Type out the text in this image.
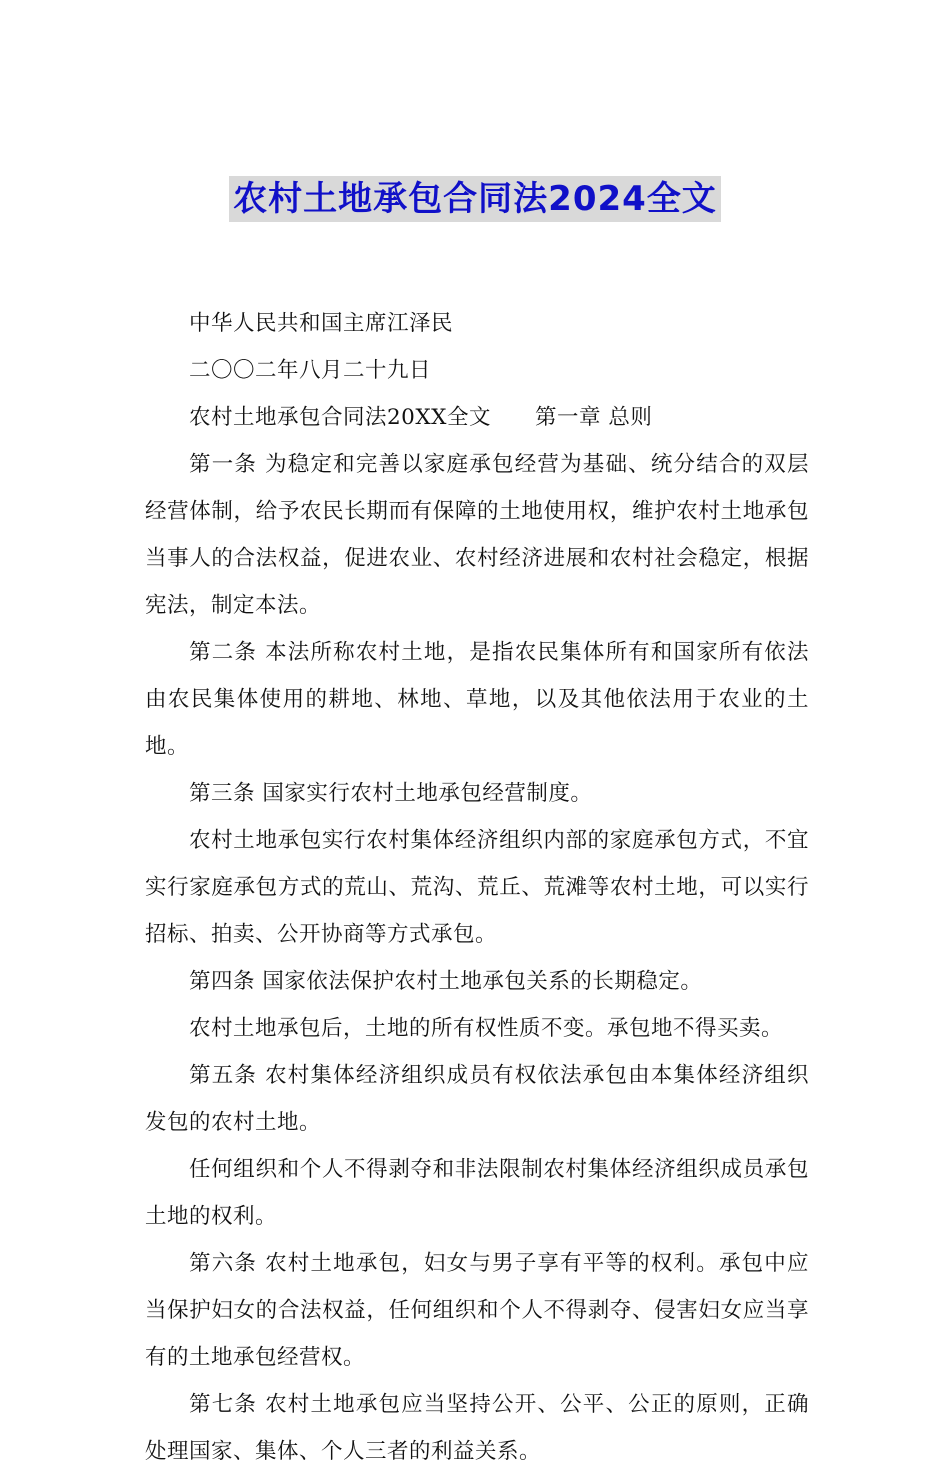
农村土地承包合同法2024全文

中华人民共和国主席江泽民

二〇〇二年八月二十九日

农村土地承包合同法20XX全文 第一章 总则

第一条 为稳定和完善以家庭承包经营为基础、统分结合的双层经营体制，给予农民长期而有保障的土地使用权，维护农村土地承包当事人的合法权益，促进农业、农村经济进展和农村社会稳定，根据宪法，制定本法。

第二条 本法所称农村土地，是指农民集体所有和国家所有依法由农民集体使用的耕地、林地、草地，以及其他依法用于农业的土地。

第三条 国家实行农村土地承包经营制度。

农村土地承包实行农村集体经济组织内部的家庭承包方式，不宜实行家庭承包方式的荒山、荒沟、荒丘、荒滩等农村土地，可以实行招标、拍卖、公开协商等方式承包。

第四条 国家依法保护农村土地承包关系的长期稳定。

农村土地承包后，土地的所有权性质不变。承包地不得买卖。

第五条 农村集体经济组织成员有权依法承包由本集体经济组织发包的农村土地。

任何组织和个人不得剥夺和非法限制农村集体经济组织成员承包土地的权利。

第六条 农村土地承包，妇女与男子享有平等的权利。承包中应当保护妇女的合法权益，任何组织和个人不得剥夺、侵害妇女应当享有的土地承包经营权。

第七条 农村土地承包应当坚持公开、公平、公正的原则，正确处理国家、集体、个人三者的利益关系。
